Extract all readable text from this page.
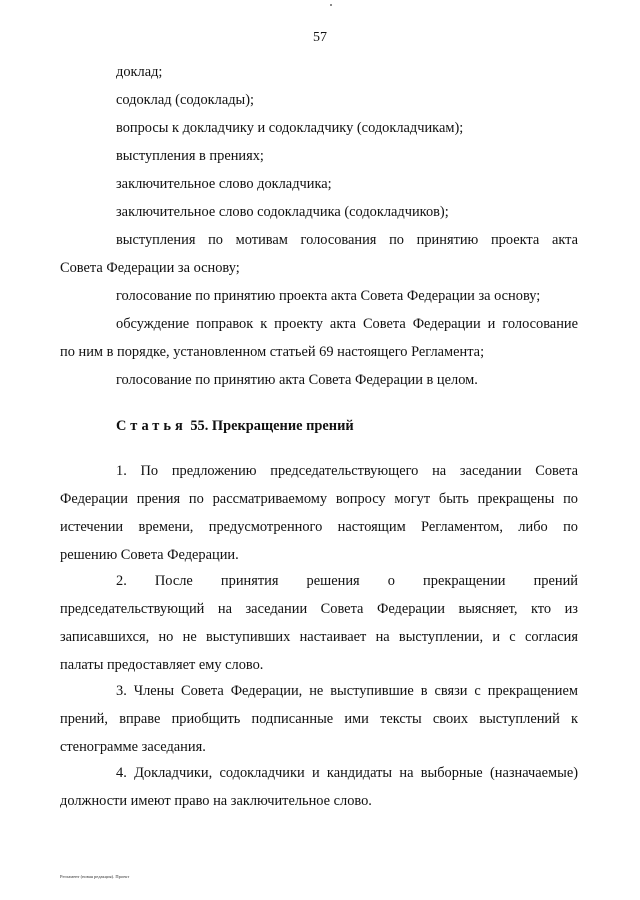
57
доклад;
содоклад (содоклады);
вопросы к докладчику и содокладчику (содокладчикам);
выступления в прениях;
заключительное слово докладчика;
заключительное слово содокладчика (содокладчиков);
выступления по мотивам голосования по принятию проекта акта
Совета Федерации за основу;
голосование по принятию проекта акта Совета Федерации за основу;
обсуждение поправок к проекту акта Совета Федерации и голосование
по ним в порядке, установленном статьей 69 настоящего Регламента;
голосование по принятию акта Совета Федерации в целом.
Статья 55. Прекращение прений
1. По предложению председательствующего на заседании Совета
Федерации прения по рассматриваемому вопросу могут быть прекращены по
истечении времени, предусмотренного настоящим Регламентом, либо по
решению Совета Федерации.
2. После принятия решения о прекращении прений
председательствующий на заседании Совета Федерации выясняет, кто из
записавшихся, но не выступивших настаивает на выступлении, и с согласия
палаты предоставляет ему слово.
3. Члены Совета Федерации, не выступившие в связи с прекращением
прений, вправе приобщить подписанные ими тексты своих выступлений к
стенограмме заседания.
4. Докладчики, содокладчики и кандидаты на выборные (назначаемые)
должности имеют право на заключительное слово.
Регламент (новая редакция). Проект
